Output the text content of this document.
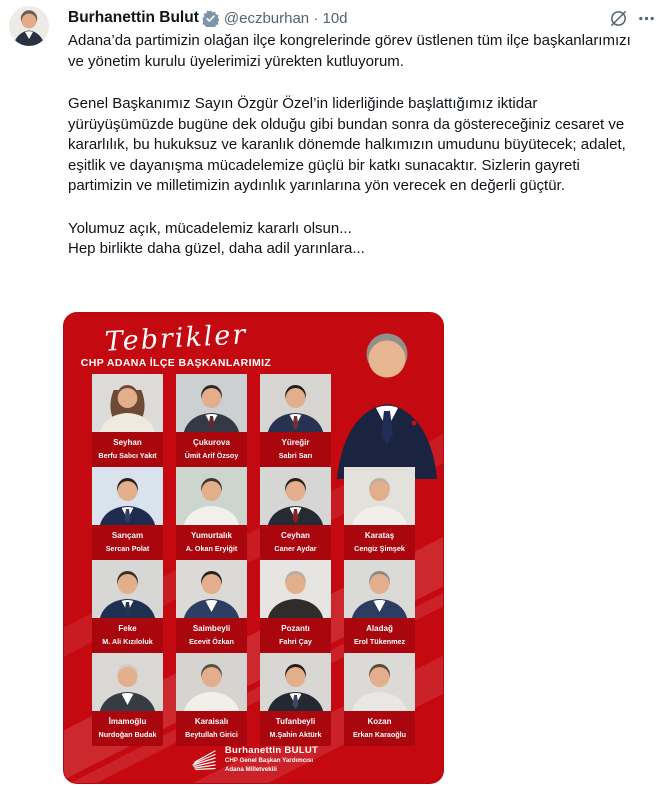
Burhanettin Bulut @eczburhan · 10d

Adana’da partimizin olağan ilçe kongrelerinde görev üstlenen tüm ilçe başkanlarımızı ve yönetim kurulu üyelerimizi yürekten kutluyorum.

Genel Başkanımız Sayın Özgür Özel’in liderliğinde başlattığımız iktidar yürüyüşümüzde bugüne dek olduğu gibi bundan sonra da göstereceğiniz cesaret ve kararlılık, bu hukuksuz ve karanlık dönemde halkımızın umudunu büyütecek; adalet, eşitlik ve dayanışma mücadelemize güçlü bir katkı sunacaktır. Sizlerin gayreti partimizin ve milletimizin aydınlık yarınlarına yön verecek en değerli güçtür.

Yolumuz açık, mücadelemiz kararlı olsun...
Hep birlikte daha güzel, daha adil yarınlara...

Tebrikler
CHP ADANA İLÇE BAŞKANLARIMIZ
Seyhan
Berfu Salıcı Yakıt
Çukurova
Ümit Arif Özsoy
Yüreğir
Sabri Sarı
Sarıçam
Sercan Polat
Yumurtalık
A. Okan Eryiğit
Ceyhan
Caner Aydar
Karataş
Cengiz Şimşek
Feke
M. Ali Kızıloluk
Saimbeyli
Ecevit Özkan
Pozantı
Fahri Çay
Aladağ
Erol Tükenmez
İmamoğlu
Nurdoğan Budak
Karaisalı
Beytullah Girici
Tufanbeyli
M.Şahin Aktürk
Kozan
Erkan Karaoğlu
Burhanettin BULUT
CHP Genel Başkan Yardımcısı
Adana Milletvekili
